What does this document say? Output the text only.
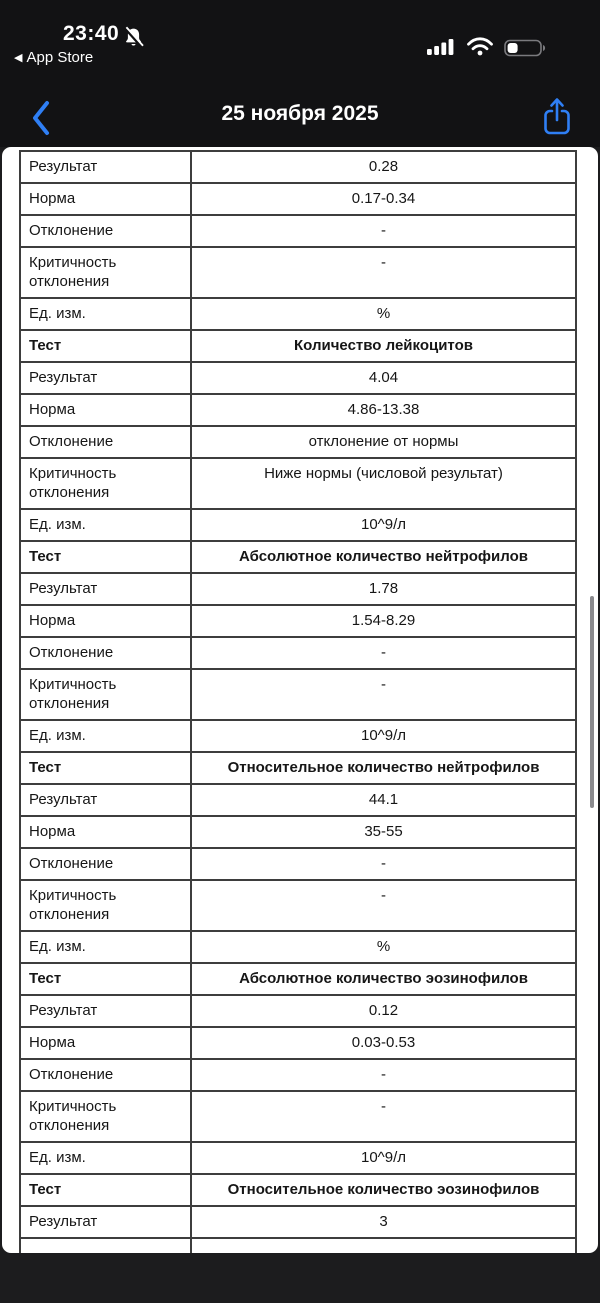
23:40
◀ App Store
25 ноября 2025
Результат	0.28
Норма	0.17-0.34
Отклонение	-
Критичность отклонения	-
Ед. изм.	%
Тест	Количество лейкоцитов
Результат	4.04
Норма	4.86-13.38
Отклонение	отклонение от нормы
Критичность отклонения	Ниже нормы (числовой результат)
Ед. изм.	10^9/л
Тест	Абсолютное количество нейтрофилов
Результат	1.78
Норма	1.54-8.29
Отклонение	-
Критичность отклонения	-
Ед. изм.	10^9/л
Тест	Относительное количество нейтрофилов
Результат	44.1
Норма	35-55
Отклонение	-
Критичность отклонения	-
Ед. изм.	%
Тест	Абсолютное количество эозинофилов
Результат	0.12
Норма	0.03-0.53
Отклонение	-
Критичность отклонения	-
Ед. изм.	10^9/л
Тест	Относительное количество эозинофилов
Результат	3
